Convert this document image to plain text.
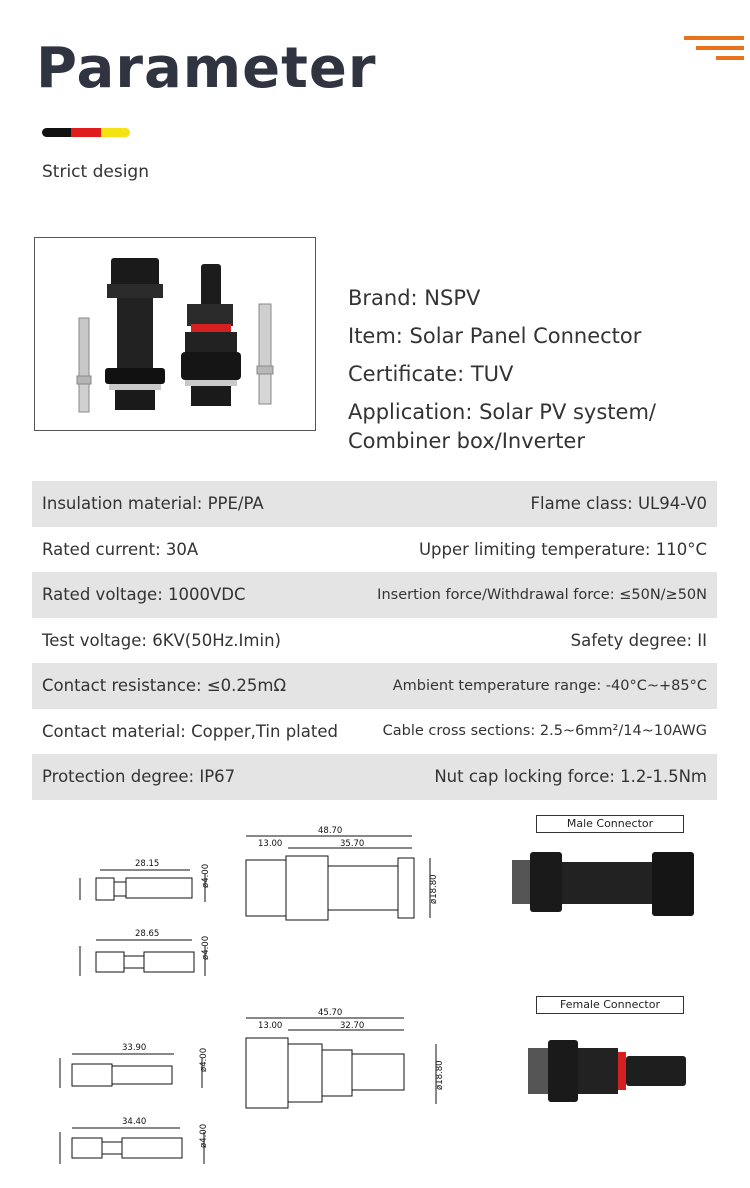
Parameter
Strict design
Brand: NSPV
Item: Solar Panel Connector
Certificate: TUV
Application: Solar PV system/
Combiner box/Inverter
Insulation material: PPE/PA	Flame class: UL94-V0
Rated current: 30A	Upper limiting temperature: 110°C
Rated voltage: 1000VDC	Insertion force/Withdrawal force: ≤50N/≥50N
Test voltage: 6KV(50Hz.Imin)	Safety degree: II
Contact resistance: ≤0.25mΩ	Ambient temperature range: -40°C~+85°C
Contact material: Copper,Tin plated	Cable cross sections: 2.5~6mm²/14~10AWG
Protection degree: IP67	Nut cap locking force: 1.2-1.5Nm
28.15	ø4.00
28.65
ø4.00
48.70
13.00	35.70
ø18.80
33.90	ø4.00
34.40
ø4.00
45.70
13.00	32.70
ø18.80
Male Connector
Female Connector
